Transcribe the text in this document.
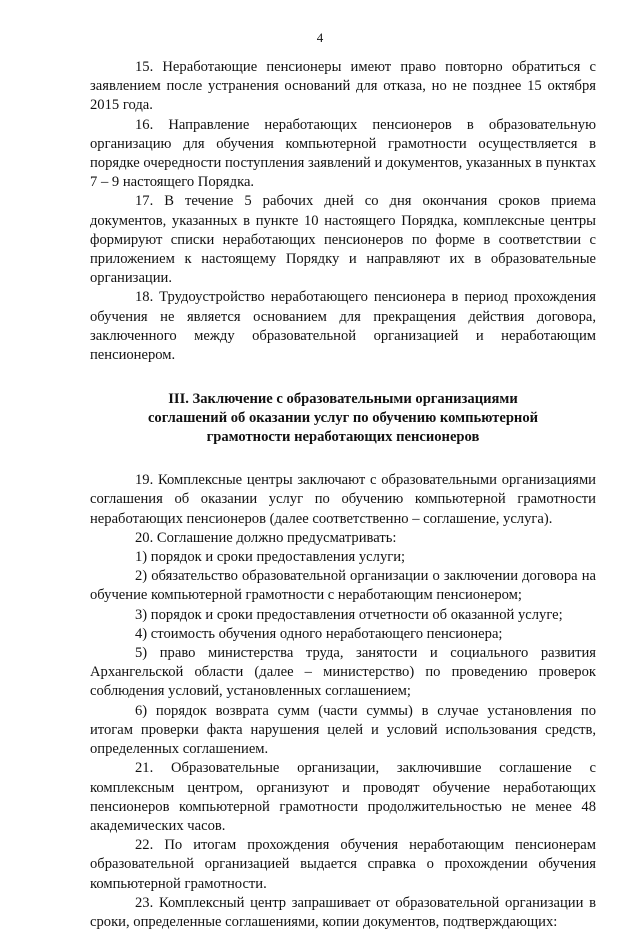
4

15. Неработающие пенсионеры имеют право повторно обратиться с заявлением после устранения оснований для отказа, но не позднее 15 октября 2015 года.

16. Направление неработающих пенсионеров в образовательную организацию для обучения компьютерной грамотности осуществляется в порядке очередности поступления заявлений и документов, указанных в пунктах 7 – 9 настоящего Порядка.

17. В течение 5 рабочих дней со дня окончания сроков приема документов, указанных в пункте 10 настоящего Порядка, комплексные центры формируют списки неработающих пенсионеров по форме в соответствии с приложением к настоящему Порядку и направляют их в образовательные организации.

18. Трудоустройство неработающего пенсионера в период прохождения обучения не является основанием для прекращения действия договора, заключенного между образовательной организацией и неработающим пенсионером.

III. Заключение с образовательными организациями
соглашений об оказании услуг по обучению компьютерной
грамотности неработающих пенсионеров

19. Комплексные центры заключают с образовательными организациями соглашения об оказании услуг по обучению компьютерной грамотности неработающих пенсионеров (далее соответственно – соглашение, услуга).

20. Соглашение должно предусматривать:

1) порядок и сроки предоставления услуги;

2) обязательство образовательной организации о заключении договора на обучение компьютерной грамотности с неработающим пенсионером;

3) порядок и сроки предоставления отчетности об оказанной услуге;

4) стоимость обучения одного неработающего пенсионера;

5) право министерства труда, занятости и социального развития Архангельской области (далее – министерство) по проведению проверок соблюдения условий, установленных соглашением;

6) порядок возврата сумм (части суммы) в случае установления по итогам проверки факта нарушения целей и условий использования средств, определенных соглашением.

21. Образовательные организации, заключившие соглашение с комплексным центром, организуют и проводят обучение неработающих пенсионеров компьютерной грамотности продолжительностью не менее 48 академических часов.

22. По итогам прохождения обучения неработающим пенсионерам образовательной организацией выдается справка о прохождении обучения компьютерной грамотности.

23. Комплексный центр запрашивает от образовательной организации в сроки, определенные соглашениями, копии документов, подтверждающих:
